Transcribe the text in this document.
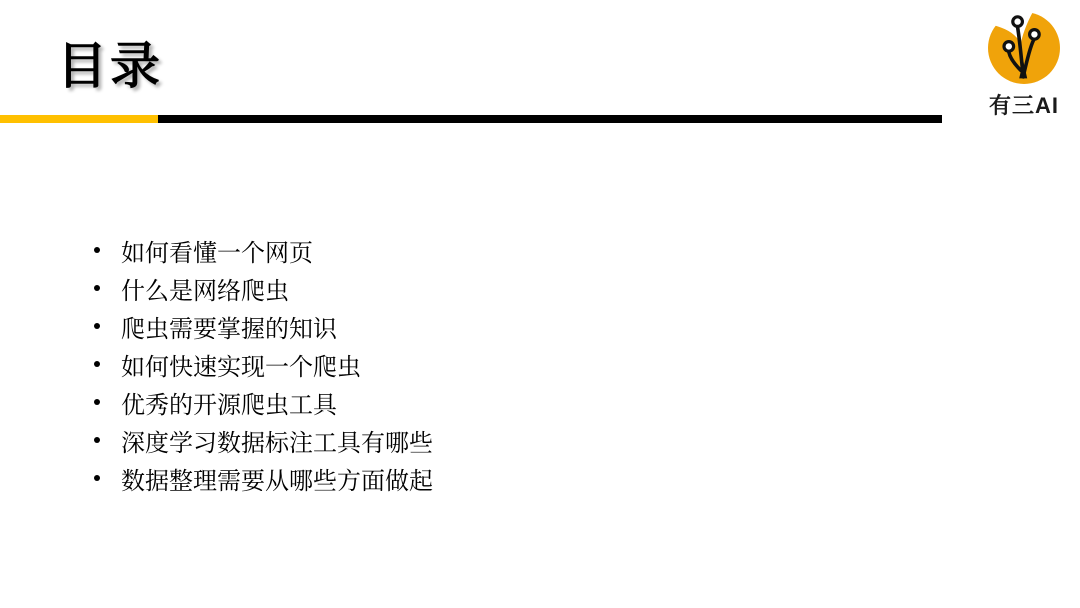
目录
有三AI
如何看懂一个网页
什么是网络爬虫
爬虫需要掌握的知识
如何快速实现一个爬虫
优秀的开源爬虫工具
深度学习数据标注工具有哪些
数据整理需要从哪些方面做起
